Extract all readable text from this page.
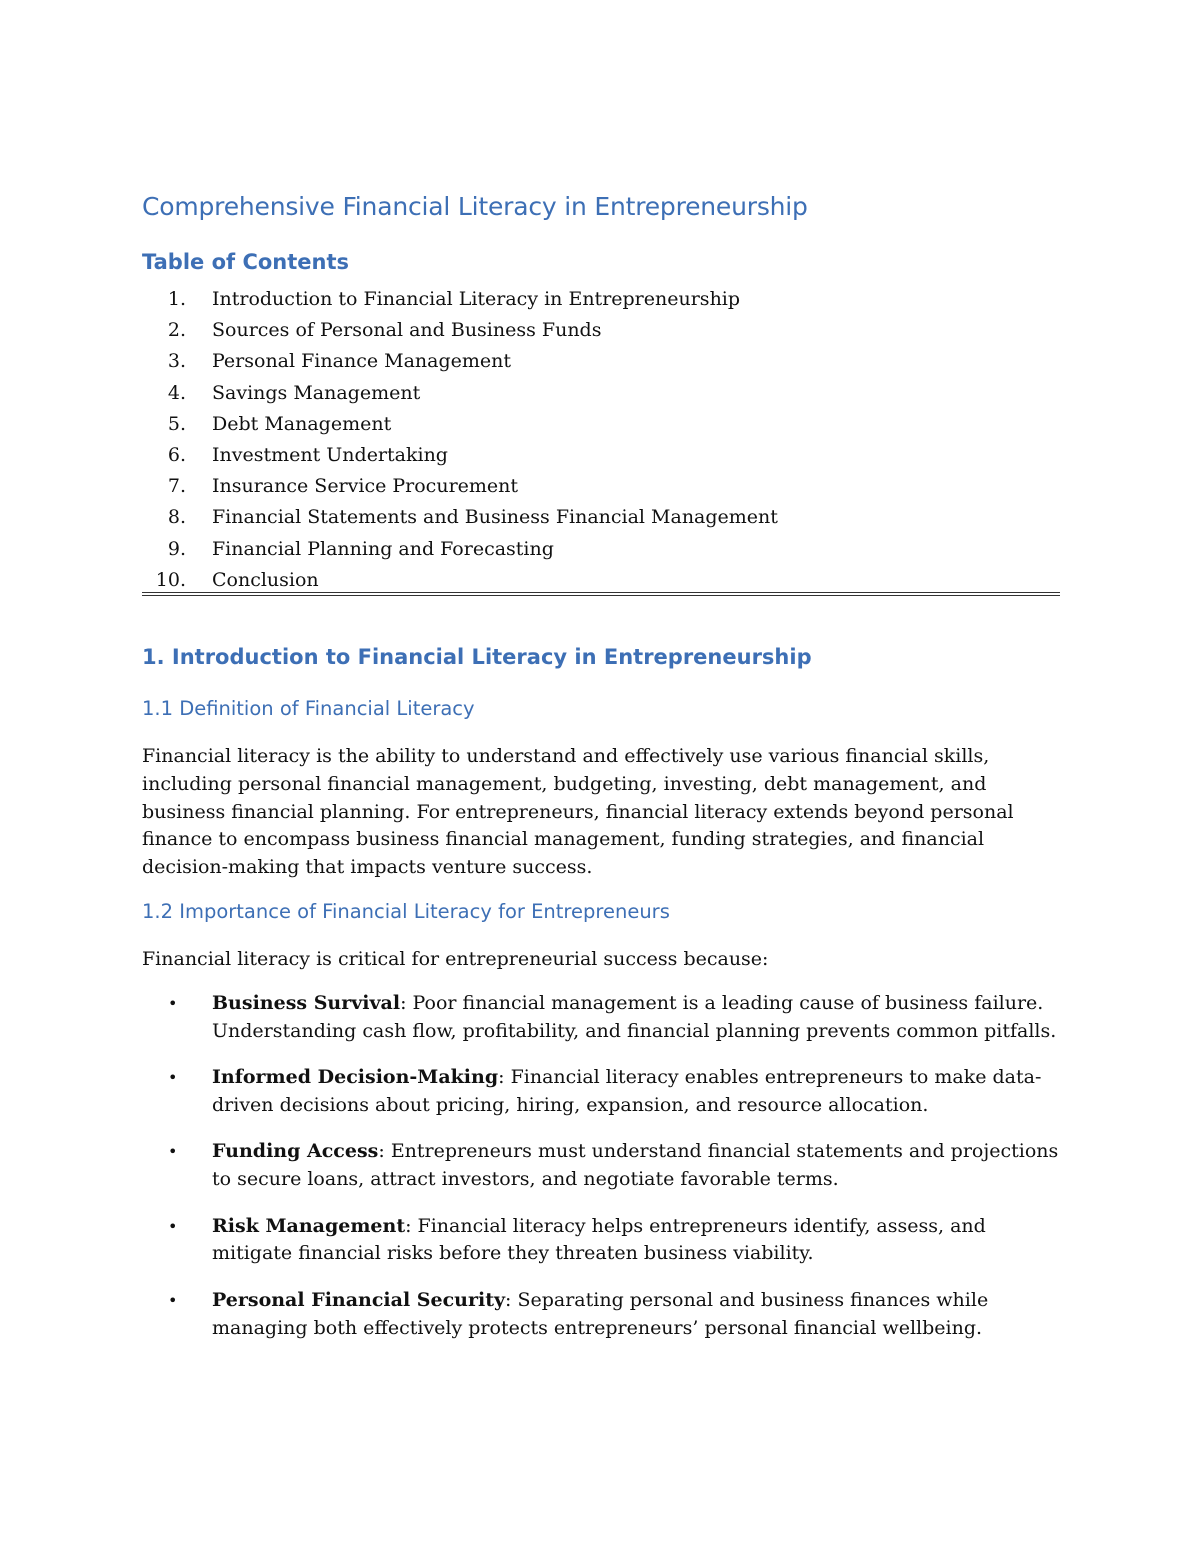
Comprehensive Financial Literacy in Entrepreneurship
Table of Contents
1. Introduction to Financial Literacy in Entrepreneurship
2. Sources of Personal and Business Funds
3. Personal Finance Management
4. Savings Management
5. Debt Management
6. Investment Undertaking
7. Insurance Service Procurement
8. Financial Statements and Business Financial Management
9. Financial Planning and Forecasting
10. Conclusion
1. Introduction to Financial Literacy in Entrepreneurship
1.1 Definition of Financial Literacy

Financial literacy is the ability to understand and effectively use various financial skills, including personal financial management, budgeting, investing, debt management, and business financial planning. For entrepreneurs, financial literacy extends beyond personal finance to encompass business financial management, funding strategies, and financial decision-making that impacts venture success.

1.2 Importance of Financial Literacy for Entrepreneurs

Financial literacy is critical for entrepreneurial success because:

• Business Survival: Poor financial management is a leading cause of business failure. Understanding cash flow, profitability, and financial planning prevents common pitfalls.
• Informed Decision-Making: Financial literacy enables entrepreneurs to make data-driven decisions about pricing, hiring, expansion, and resource allocation.
• Funding Access: Entrepreneurs must understand financial statements and projections to secure loans, attract investors, and negotiate favorable terms.
• Risk Management: Financial literacy helps entrepreneurs identify, assess, and mitigate financial risks before they threaten business viability.
• Personal Financial Security: Separating personal and business finances while managing both effectively protects entrepreneurs’ personal financial wellbeing.
